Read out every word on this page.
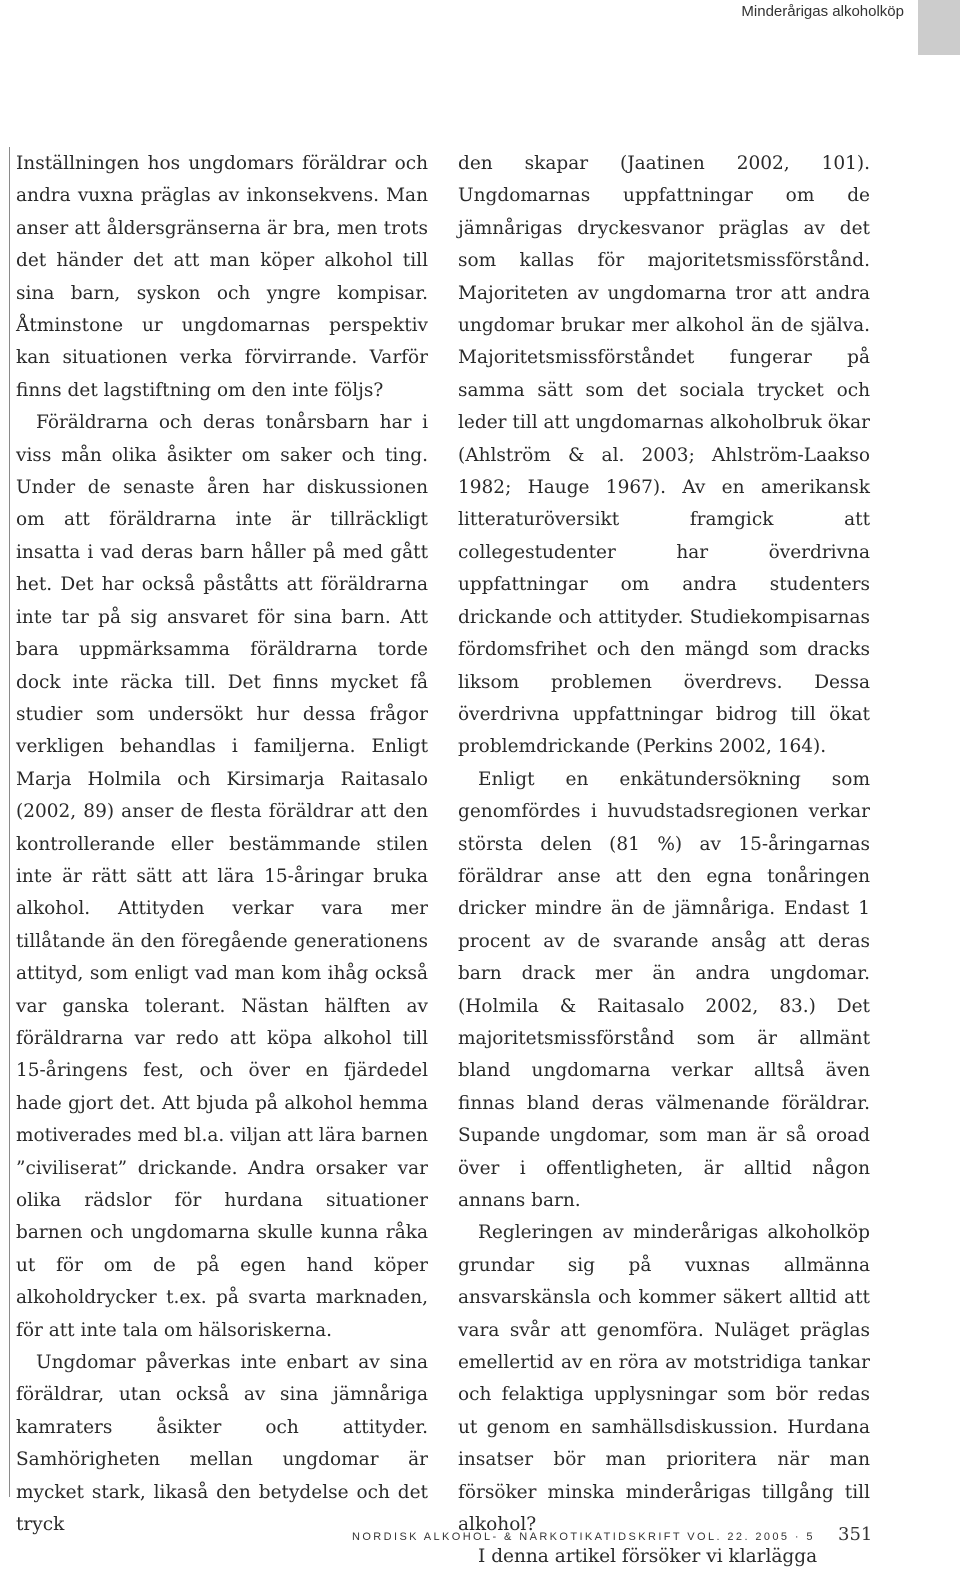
Minderårigas alkoholköp

Inställningen hos ungdomars föräldrar och andra vuxna präglas av inkonsekvens. Man anser att åldersgränserna är bra, men trots det händer det att man köper alkohol till sina barn, syskon och yngre kompisar. Åtminstone ur ungdomarnas perspektiv kan situationen verka förvirrande. Varför finns det lagstiftning om den inte följs?

Föräldrarna och deras tonårsbarn har i viss mån olika åsikter om saker och ting. Under de senaste åren har diskussionen om att föräldrarna inte är tillräckligt insatta i vad deras barn håller på med gått het. Det har också påståtts att föräldrarna inte tar på sig ansvaret för sina barn. Att bara uppmärksamma föräldrarna torde dock inte räcka till. Det finns mycket få studier som undersökt hur dessa frågor verkligen behandlas i familjerna. Enligt Marja Holmila och Kirsimarja Raitasalo (2002, 89) anser de flesta föräldrar att den kontrollerande eller bestämmande stilen inte är rätt sätt att lära 15-åringar bruka alkohol. Attityden verkar vara mer tillåtande än den föregående generationens attityd, som enligt vad man kom ihåg också var ganska tolerant. Nästan hälften av föräldrarna var redo att köpa alkohol till 15-åringens fest, och över en fjärdedel hade gjort det. Att bjuda på alkohol hemma motiverades med bl.a. viljan att lära barnen ”civiliserat” drickande. Andra orsaker var olika rädslor för hurdana situationer barnen och ungdomarna skulle kunna råka ut för om de på egen hand köper alkoholdrycker t.ex. på svarta marknaden, för att inte tala om hälsoriskerna.

Ungdomar påverkas inte enbart av sina föräldrar, utan också av sina jämnåriga kamraters åsikter och attityder. Samhörigheten mellan ungdomar är mycket stark, likaså den betydelse och det tryck

den skapar (Jaatinen 2002, 101). Ungdomarnas uppfattningar om de jämnårigas dryckesvanor präglas av det som kallas för majoritetsmissförstånd. Majoriteten av ungdomarna tror att andra ungdomar brukar mer alkohol än de själva. Majoritetsmissförståndet fungerar på samma sätt som det sociala trycket och leder till att ungdomarnas alkoholbruk ökar (Ahlström & al. 2003; Ahlström-Laakso 1982; Hauge 1967). Av en amerikansk litteraturöversikt framgick att collegestudenter har överdrivna uppfattningar om andra studenters drickande och attityder. Studiekompisarnas fördomsfrihet och den mängd som dracks liksom problemen överdrevs. Dessa överdrivna uppfattningar bidrog till ökat problemdrickande (Perkins 2002, 164).

Enligt en enkätundersökning som genomfördes i huvudstadsregionen verkar största delen (81 %) av 15-åringarnas föräldrar anse att den egna tonåringen dricker mindre än de jämnåriga. Endast 1 procent av de svarande ansåg att deras barn drack mer än andra ungdomar. (Holmila & Raitasalo 2002, 83.) Det majoritetsmissförstånd som är allmänt bland ungdomarna verkar alltså även finnas bland deras välmenande föräldrar. Supande ungdomar, som man är så oroad över i offentligheten, är alltid någon annans barn.

Regleringen av minderårigas alkoholköp grundar sig på vuxnas allmänna ansvarskänsla och kommer säkert alltid att vara svår att genomföra. Nuläget präglas emellertid av en röra av motstridiga tankar och felaktiga upplysningar som bör redas ut genom en samhällsdiskussion. Hurdana insatser bör man prioritera när man försöker minska minderårigas tillgång till alkohol?

I denna artikel försöker vi klarlägga

NORDISK ALKOHOL- & NARKOTIKATIDSKRIFT VOL. 22. 2005 · 5 351
